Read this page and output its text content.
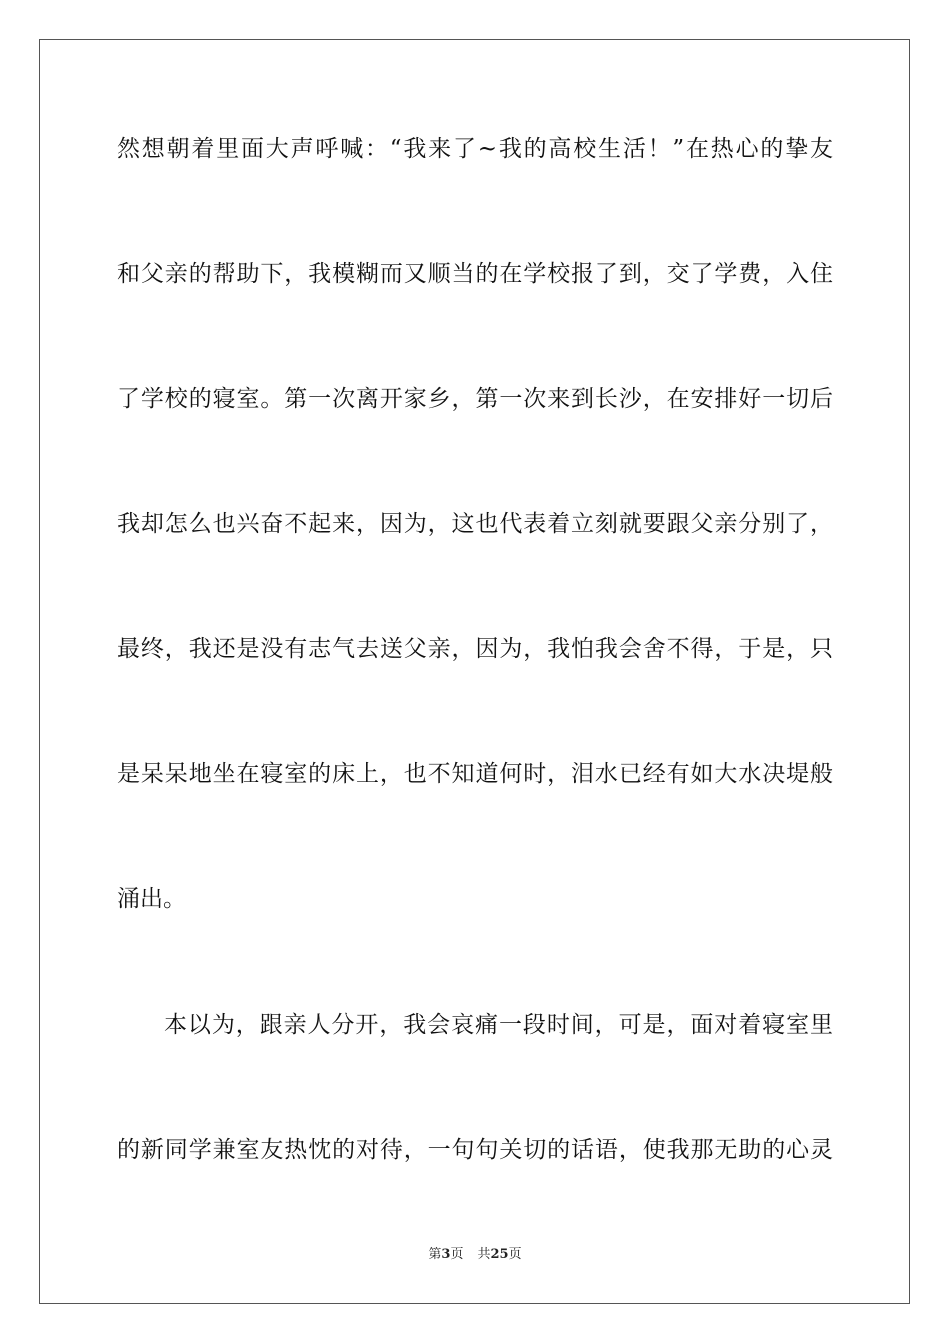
然想朝着里面大声呼喊：“我来了~我的高校生活！”在热心的挚友
和父亲的帮助下，我模糊而又顺当的在学校报了到，交了学费，入住
了学校的寝室。第一次离开家乡，第一次来到长沙，在安排好一切后
我却怎么也兴奋不起来，因为，这也代表着立刻就要跟父亲分别了，
最终，我还是没有志气去送父亲，因为，我怕我会舍不得，于是，只
是呆呆地坐在寝室的床上，也不知道何时，泪水已经有如大水决堤般
涌出。
本以为，跟亲人分开，我会哀痛一段时间，可是，面对着寝室里
的新同学兼室友热忱的对待，一句句关切的话语，使我那无助的心灵
第3页 共25页
